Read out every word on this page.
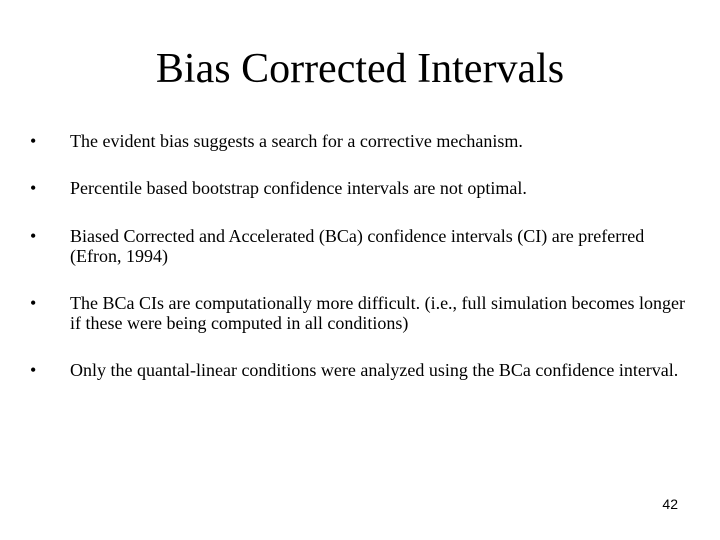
Bias Corrected Intervals
•	The evident bias suggests a search for a corrective mechanism.
•	Percentile based bootstrap confidence intervals are not optimal.
•	Biased Corrected and Accelerated (BCa) confidence intervals (CI) are preferred (Efron, 1994)
•	The BCa CIs are computationally more difficult. (i.e., full simulation becomes longer if these were being computed in all conditions)
•	Only the quantal-linear conditions were analyzed using the BCa confidence interval.
42
